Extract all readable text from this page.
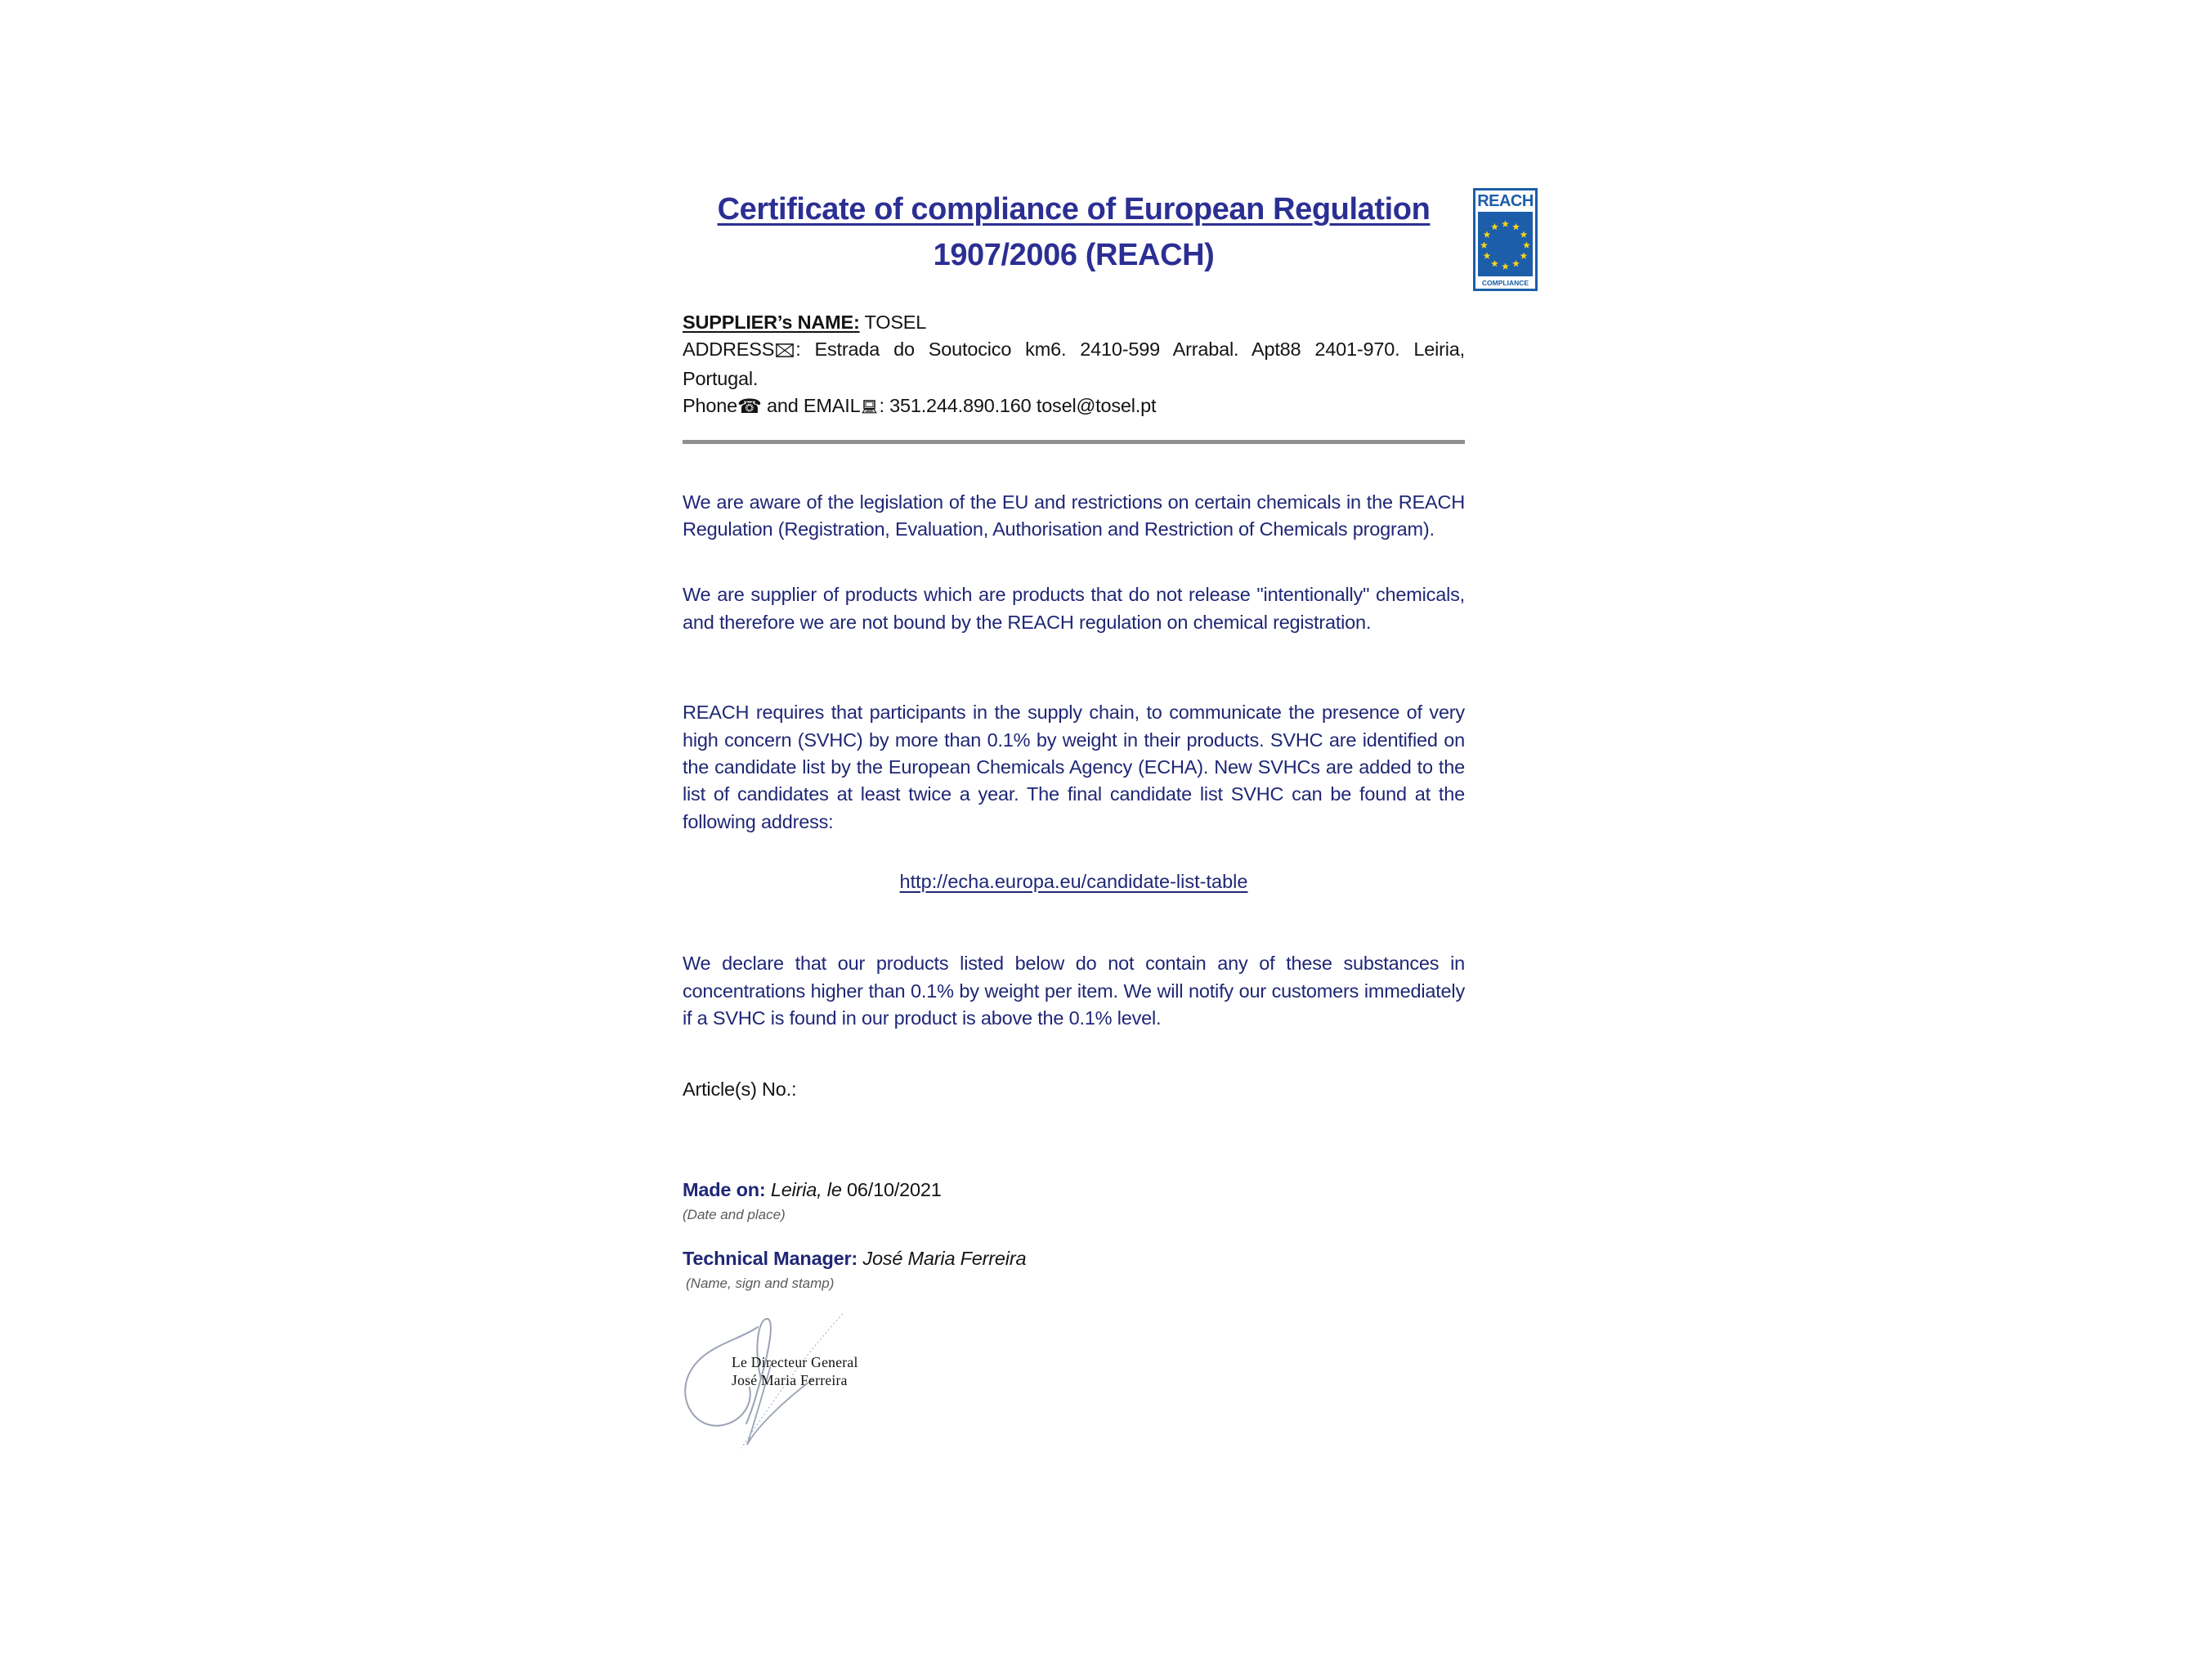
REACH
COMPLIANCE
Certificate of compliance of European Regulation
1907/2006 (REACH)
SUPPLIER’s NAME: TOSEL
ADDRESS : Estrada do Soutocico km6. 2410-599 Arrabal. Apt88 2401-970. Leiria, Portugal.
Phone☎ and EMAIL : 351.244.890.160 tosel@tosel.pt

We are aware of the legislation of the EU and restrictions on certain chemicals in the REACH Regulation (Registration, Evaluation, Authorisation and Restriction of Chemicals program).

We are supplier of products which are products that do not release "intentionally" chemicals, and therefore we are not bound by the REACH regulation on chemical registration.

REACH requires that participants in the supply chain, to communicate the presence of very high concern (SVHC) by more than 0.1% by weight in their products. SVHC are identified on the candidate list by the European Chemicals Agency (ECHA). New SVHCs are added to the list of candidates at least twice a year. The final candidate list SVHC can be found at the following address:

http://echa.europa.eu/candidate-list-table

We declare that our products listed below do not contain any of these substances in concentrations higher than 0.1% by weight per item. We will notify our customers immediately if a SVHC is found in our product is above the 0.1% level.

Article(s) No.:
Made on: Leiria, le 06/10/2021
(Date and place)
Technical Manager: José Maria Ferreira
(Name, sign and stamp)
Le Directeur General
José Maria Ferreira
